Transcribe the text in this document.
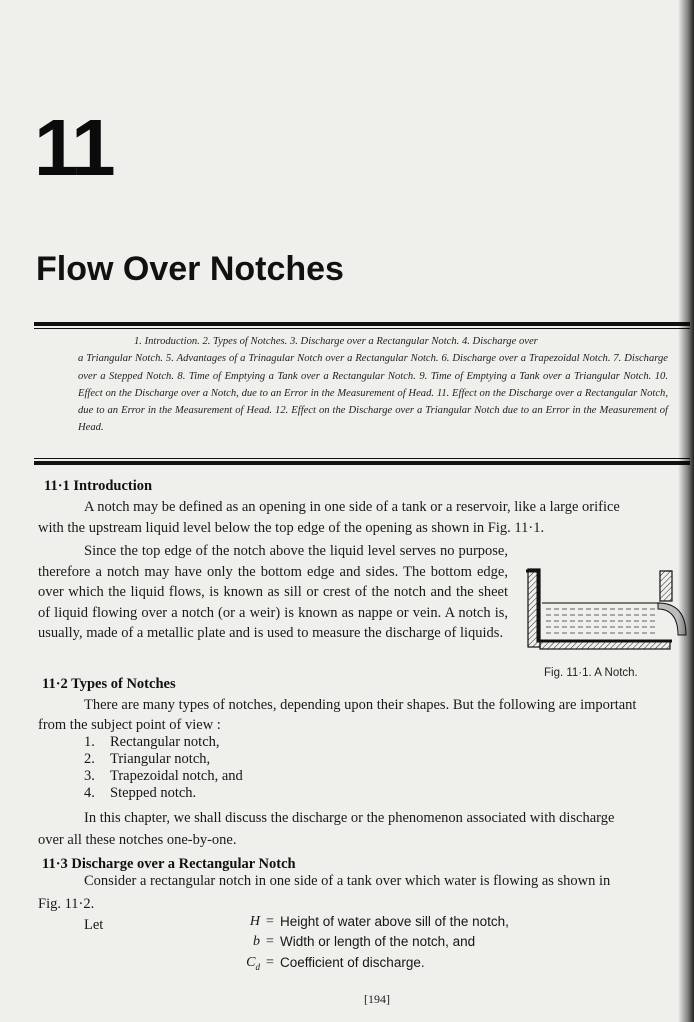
11
Flow Over Notches

1. Introduction. 2. Types of Notches. 3. Discharge over a Rectangular Notch. 4. Discharge over

a Triangular Notch. 5. Advantages of a Trinagular Notch over a Rectangular Notch. 6. Discharge over a Trapezoidal Notch. 7. Discharge over a Stepped Notch. 8. Time of Emptying a Tank over a Rectangular Notch. 9. Time of Emptying a Tank over a Triangular Notch. 10. Effect on the Discharge over a Notch, due to an Error in the Measurement of Head. 11. Effect on the Discharge over a Rectangular Notch, due to an Error in the Measurement of Head. 12. Effect on the Discharge over a Triangular Notch due to an Error in the Measurement of Head.

11·1 Introduction

A notch may be defined as an opening in one side of a tank or a reservoir, like a large orifice

with the upstream liquid level below the top edge of the opening as shown in Fig. 11·1.

Since the top edge of the notch above the liquid level serves no purpose, therefore a notch may have only the bottom edge and sides. The bottom edge, over which the liquid flows, is known as sill or crest of the notch and the sheet of liquid flowing over a notch (or a weir) is known as nappe or vein. A notch is, usually, made of a metallic plate and is used to measure the discharge of liquids.

Fig. 11·1. A Notch.
11·2 Types of Notches

There are many types of notches, depending upon their shapes. But the following are important

from the subject point of view :

1.	Rectangular notch,
2.	Triangular notch,
3.	Trapezoidal notch, and
4.	Stepped notch.

In this chapter, we shall discuss the discharge or the phenomenon associated with discharge

over all these notches one-by-one.

11·3 Discharge over a Rectangular Notch

Consider a rectangular notch in one side of a tank over which water is flowing as shown in

Fig. 11·2.

Let	H = Height of water above sill of the notch,
b = Width or length of the notch, and
$C_d$ = Coefficient of discharge.
[194]
